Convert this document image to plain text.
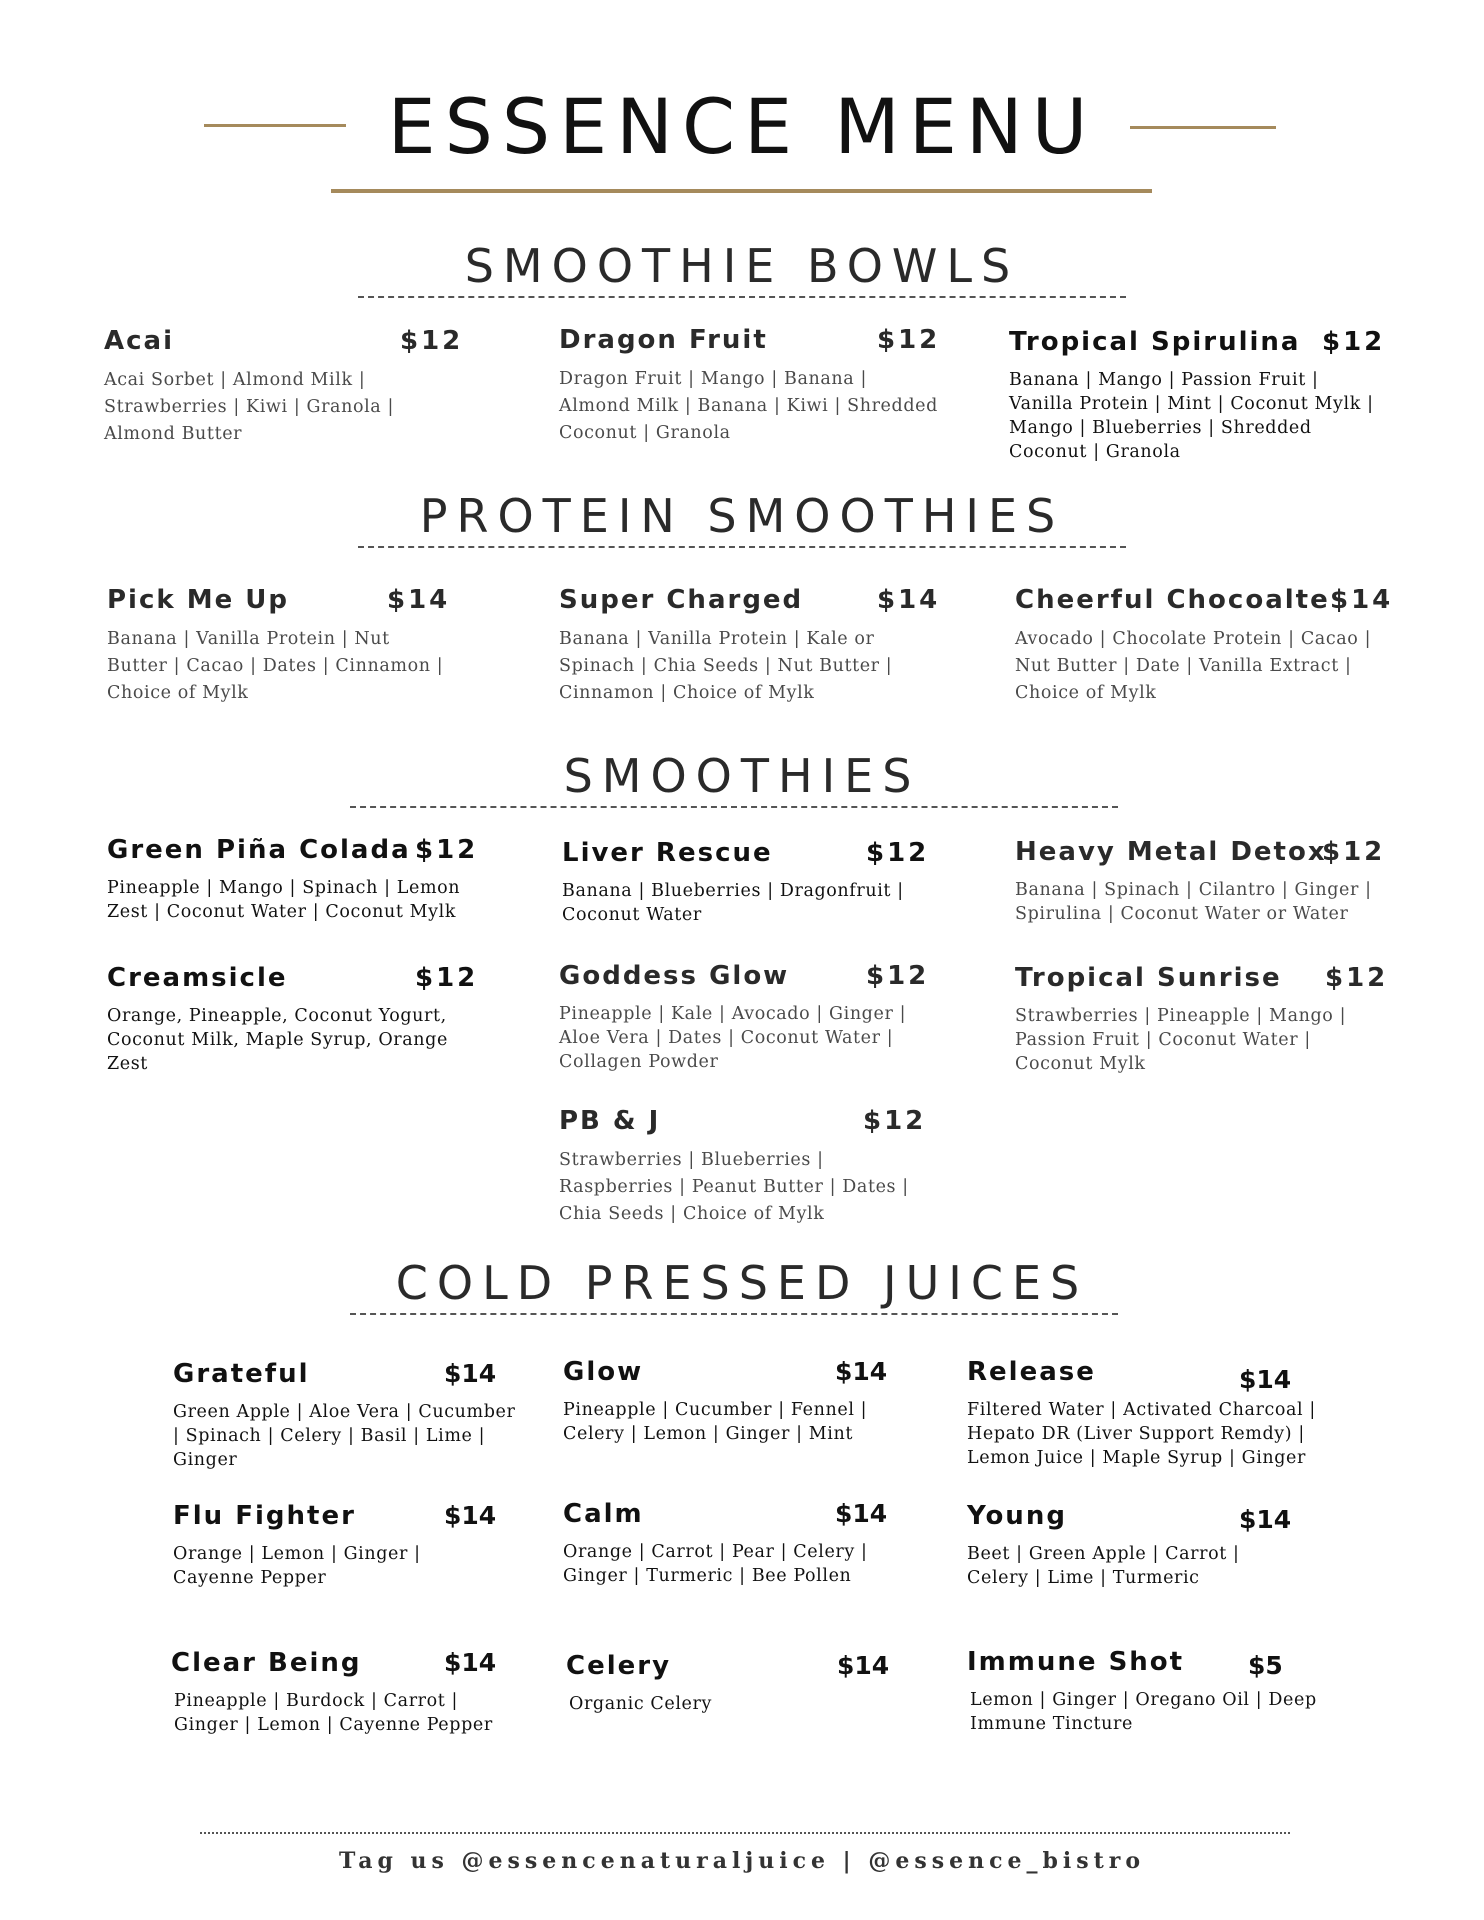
ESSENCE MENU
SMOOTHIE BOWLS
Acai	$12
Acai Sorbet | Almond Milk | Strawberries | Kiwi | Granola | Almond Butter
Dragon Fruit	$12
Dragon Fruit | Mango | Banana | Almond Milk | Banana | Kiwi | Shredded Coconut | Granola
Tropical Spirulina $12
Banana | Mango | Passion Fruit | Vanilla Protein | Mint | Coconut Mylk | Mango | Blueberries | Shredded Coconut | Granola
PROTEIN SMOOTHIES
Pick Me Up	$14
Banana | Vanilla Protein | Nut Butter | Cacao | Dates | Cinnamon | Choice of Mylk
Super Charged	$14
Banana | Vanilla Protein | Kale or Spinach | Chia Seeds | Nut Butter | Cinnamon | Choice of Mylk
Cheerful Chocoalte $14
Avocado | Chocolate Protein | Cacao | Nut Butter | Date | Vanilla Extract | Choice of Mylk
SMOOTHIES
Green Piña Colada $12
Pineapple | Mango | Spinach | Lemon Zest | Coconut Water | Coconut Mylk
Liver Rescue	$12
Banana | Blueberries | Dragonfruit | Coconut Water
Heavy Metal Detox
$12
Banana | Spinach | Cilantro | Ginger | Spirulina | Coconut Water or Water
Creamsicle	$12
Orange, Pineapple, Coconut Yogurt, Coconut Milk, Maple Syrup, Orange Zest
Goddess Glow	$12
Pineapple | Kale | Avocado | Ginger | Aloe Vera | Dates | Coconut Water | Collagen Powder
Tropical Sunrise $12
Strawberries | Pineapple | Mango | Passion Fruit | Coconut Water | Coconut Mylk
PB & J	$12
Strawberries | Blueberries | Raspberries | Peanut Butter | Dates | Chia Seeds | Choice of Mylk
COLD PRESSED JUICES
Grateful	$14
Green Apple | Aloe Vera | Cucumber | Spinach | Celery | Basil | Lime | Ginger
Glow	$14
Pineapple | Cucumber | Fennel | Celery | Lemon | Ginger | Mint
Release	$14
Filtered Water | Activated Charcoal | Hepato DR (Liver Support Remdy) | Lemon Juice | Maple Syrup | Ginger
Flu Fighter	$14
Orange | Lemon | Ginger | Cayenne Pepper
Calm	$14
Orange | Carrot | Pear | Celery | Ginger | Turmeric | Bee Pollen
Young	$14
Beet | Green Apple | Carrot | Celery | Lime | Turmeric
Clear Being	$14
Pineapple | Burdock | Carrot | Ginger | Lemon | Cayenne Pepper
Celery	$14
Organic Celery
Immune Shot	$5
Lemon | Ginger | Oregano Oil | Deep Immune Tincture
Tag us @essencenaturaljuice | @essence_bistro
